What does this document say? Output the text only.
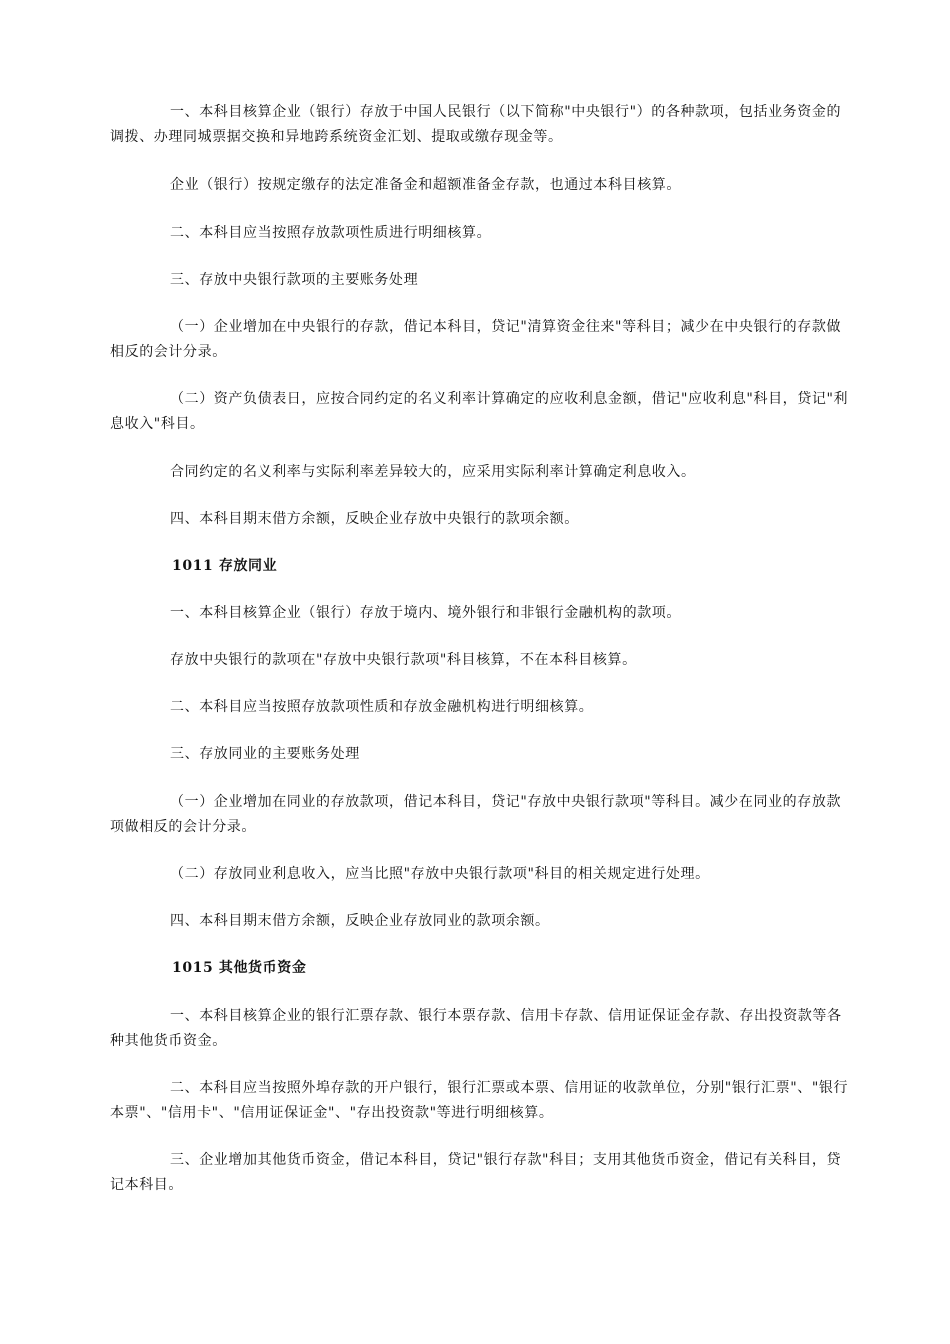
一、本科目核算企业（银行）存放于中国人民银行（以下简称"中央银行"）的各种款项，包括业务资金的调拨、办理同城票据交换和异地跨系统资金汇划、提取或缴存现金等。
企业（银行）按规定缴存的法定准备金和超额准备金存款，也通过本科目核算。
二、本科目应当按照存放款项性质进行明细核算。
三、存放中央银行款项的主要账务处理
（一）企业增加在中央银行的存款，借记本科目，贷记"清算资金往来"等科目；减少在中央银行的存款做相反的会计分录。
（二）资产负债表日，应按合同约定的名义利率计算确定的应收利息金额，借记"应收利息"科目，贷记"利息收入"科目。
合同约定的名义利率与实际利率差异较大的，应采用实际利率计算确定利息收入。
四、本科目期末借方余额，反映企业存放中央银行的款项余额。
1011 存放同业
一、本科目核算企业（银行）存放于境内、境外银行和非银行金融机构的款项。
存放中央银行的款项在"存放中央银行款项"科目核算，不在本科目核算。
二、本科目应当按照存放款项性质和存放金融机构进行明细核算。
三、存放同业的主要账务处理
（一）企业增加在同业的存放款项，借记本科目，贷记"存放中央银行款项"等科目。减少在同业的存放款项做相反的会计分录。
（二）存放同业利息收入，应当比照"存放中央银行款项"科目的相关规定进行处理。
四、本科目期末借方余额，反映企业存放同业的款项余额。
1015 其他货币资金
一、本科目核算企业的银行汇票存款、银行本票存款、信用卡存款、信用证保证金存款、存出投资款等各种其他货币资金。
二、本科目应当按照外埠存款的开户银行，银行汇票或本票、信用证的收款单位，分别"银行汇票"、"银行本票"、"信用卡"、"信用证保证金"、"存出投资款"等进行明细核算。
三、企业增加其他货币资金，借记本科目，贷记"银行存款"科目；支用其他货币资金，借记有关科目，贷记本科目。
